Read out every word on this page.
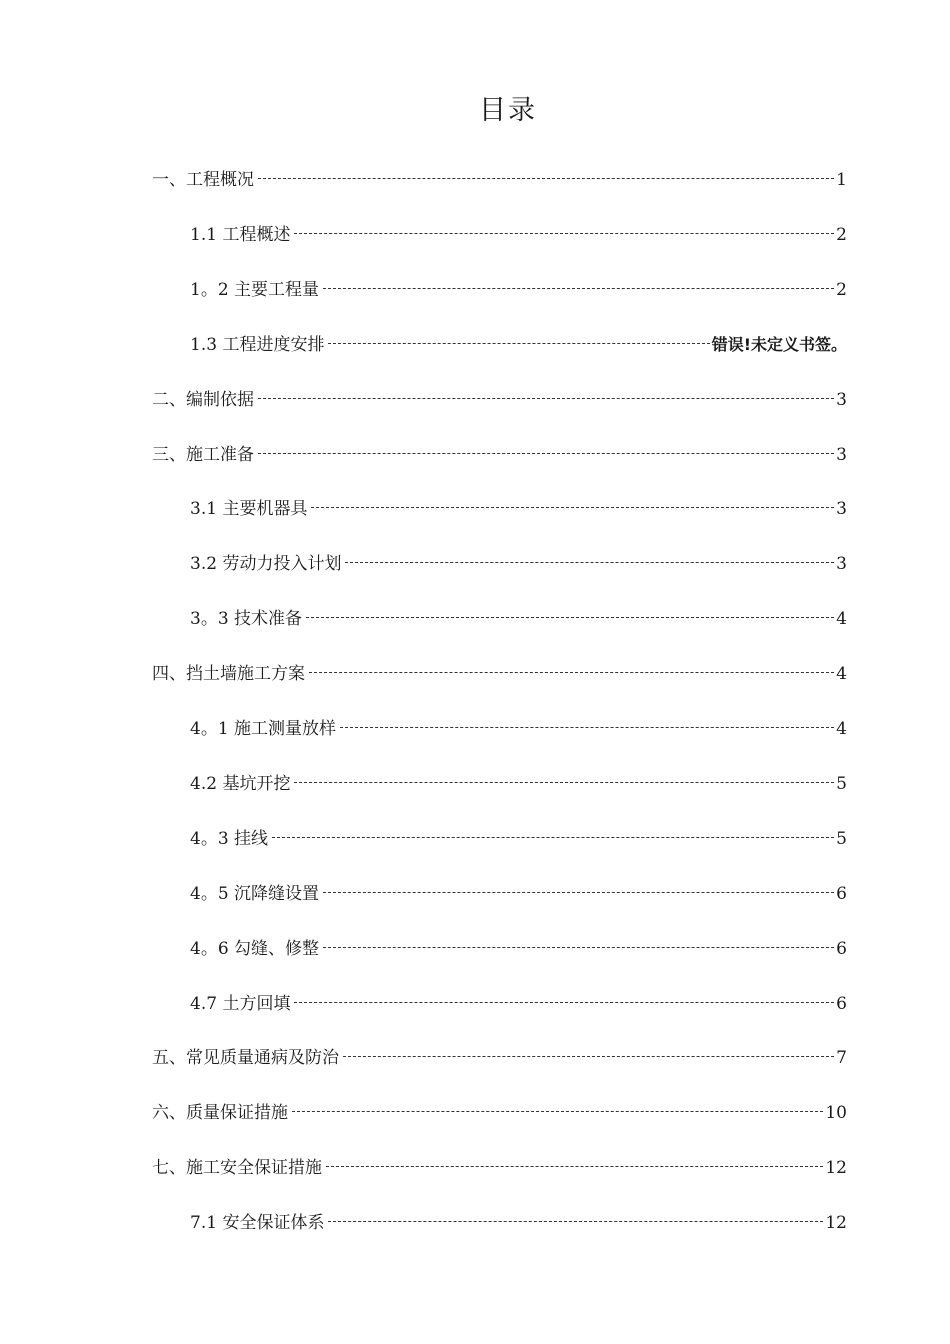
目录
一、工程概况	1
1.1 工程概述	2
1。2 主要工程量	2
1.3 工程进度安排	错误!未定义书签。
二、编制依据	3
三、施工准备	3
3.1 主要机器具	3
3.2 劳动力投入计划	3
3。3 技术准备	4
四、挡土墙施工方案	4
4。1 施工测量放样	4
4.2 基坑开挖	5
4。3 挂线	5
4。5 沉降缝设置	6
4。6 勾缝、修整	6
4.7 土方回填	6
五、常见质量通病及防治	7
六、质量保证措施	10
七、施工安全保证措施	12
7.1 安全保证体系	12
